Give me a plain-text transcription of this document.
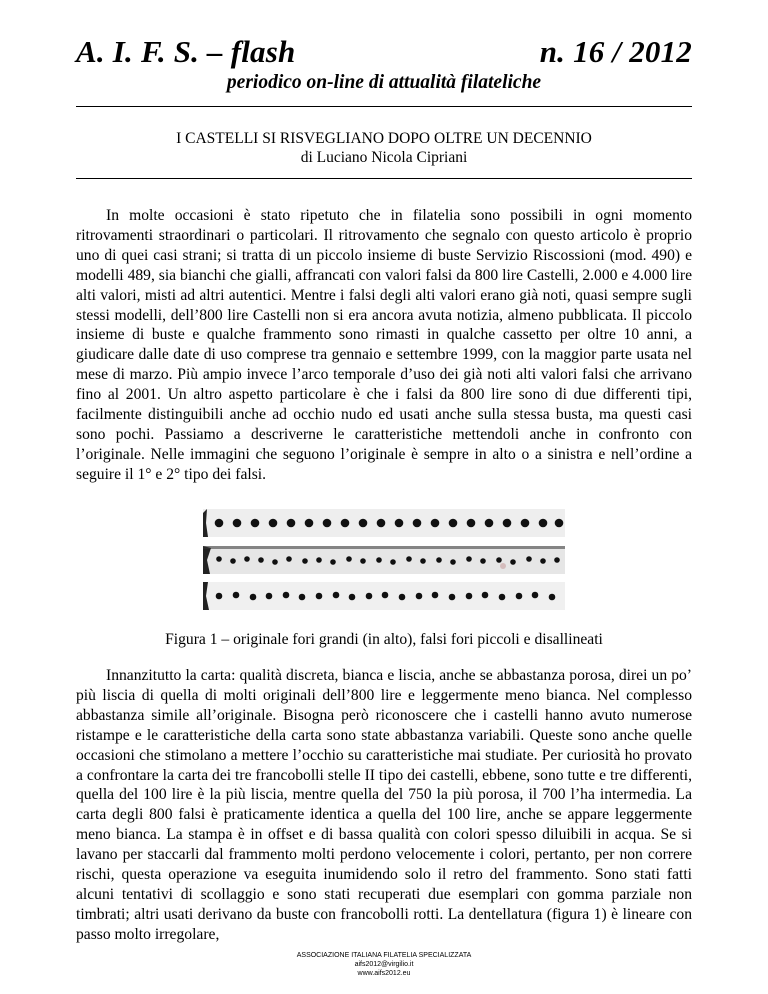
A. I. F. S. – flash	n. 16 / 2012
periodico on-line di attualità filateliche
I CASTELLI SI RISVEGLIANO DOPO OLTRE UN DECENNIO
di Luciano Nicola Cipriani

In molte occasioni è stato ripetuto che in filatelia sono possibili in ogni momento ritrovamenti straordinari o particolari. Il ritrovamento che segnalo con questo articolo è proprio uno di quei casi strani; si tratta di un piccolo insieme di buste Servizio Riscossioni (mod. 490) e modelli 489, sia bianchi che gialli, affrancati con valori falsi da 800 lire Castelli, 2.000 e 4.000 lire alti valori, misti ad altri autentici. Mentre i falsi degli alti valori erano già noti, quasi sempre sugli stessi modelli, dell’800 lire Castelli non si era ancora avuta notizia, almeno pubblicata. Il piccolo insieme di buste e qualche frammento sono rimasti in qualche cassetto per oltre 10 anni, a giudicare dalle date di uso comprese tra gennaio e settembre 1999, con la maggior parte usata nel mese di marzo. Più ampio invece l’arco temporale d’uso dei già noti alti valori falsi che arrivano fino al 2001. Un altro aspetto particolare è che i falsi da 800 lire sono di due differenti tipi, facilmente distinguibili anche ad occhio nudo ed usati anche sulla stessa busta, ma questi casi sono pochi. Passiamo a descriverne le caratteristiche mettendoli anche in confronto con l’originale. Nelle immagini che seguono l’originale è sempre in alto o a sinistra e nell’ordine a seguire il 1° e 2° tipo dei falsi.

Figura 1 – originale fori grandi (in alto), falsi fori piccoli e disallineati

Innanzitutto la carta: qualità discreta, bianca e liscia, anche se abbastanza porosa, direi un po’ più liscia di quella di molti originali dell’800 lire e leggermente meno bianca. Nel complesso abbastanza simile all’originale. Bisogna però riconoscere che i castelli hanno avuto numerose ristampe e le caratteristiche della carta sono state abbastanza variabili. Queste sono anche quelle occasioni che stimolano a mettere l’occhio su caratteristiche mai studiate. Per curiosità ho provato a confrontare la carta dei tre francobolli stelle II tipo dei castelli, ebbene, sono tutte e tre differenti, quella del 100 lire è la più liscia, mentre quella del 750 la più porosa, il 700 l’ha intermedia. La carta degli 800 falsi è praticamente identica a quella del 100 lire, anche se appare leggermente meno bianca. La stampa è in offset e di bassa qualità con colori spesso diluibili in acqua. Se si lavano per staccarli dal frammento molti perdono velocemente i colori, pertanto, per non correre rischi, questa operazione va eseguita inumidendo solo il retro del frammento. Sono stati fatti alcuni tentativi di scollaggio e sono stati recuperati due esemplari con gomma parziale non timbrati; altri usati derivano da buste con francobolli rotti. La dentellatura (figura 1) è lineare con passo molto irregolare,

ASSOCIAZIONE ITALIANA FILATELIA SPECIALIZZATA
aifs2012@virgilio.it
www.aifs2012.eu
